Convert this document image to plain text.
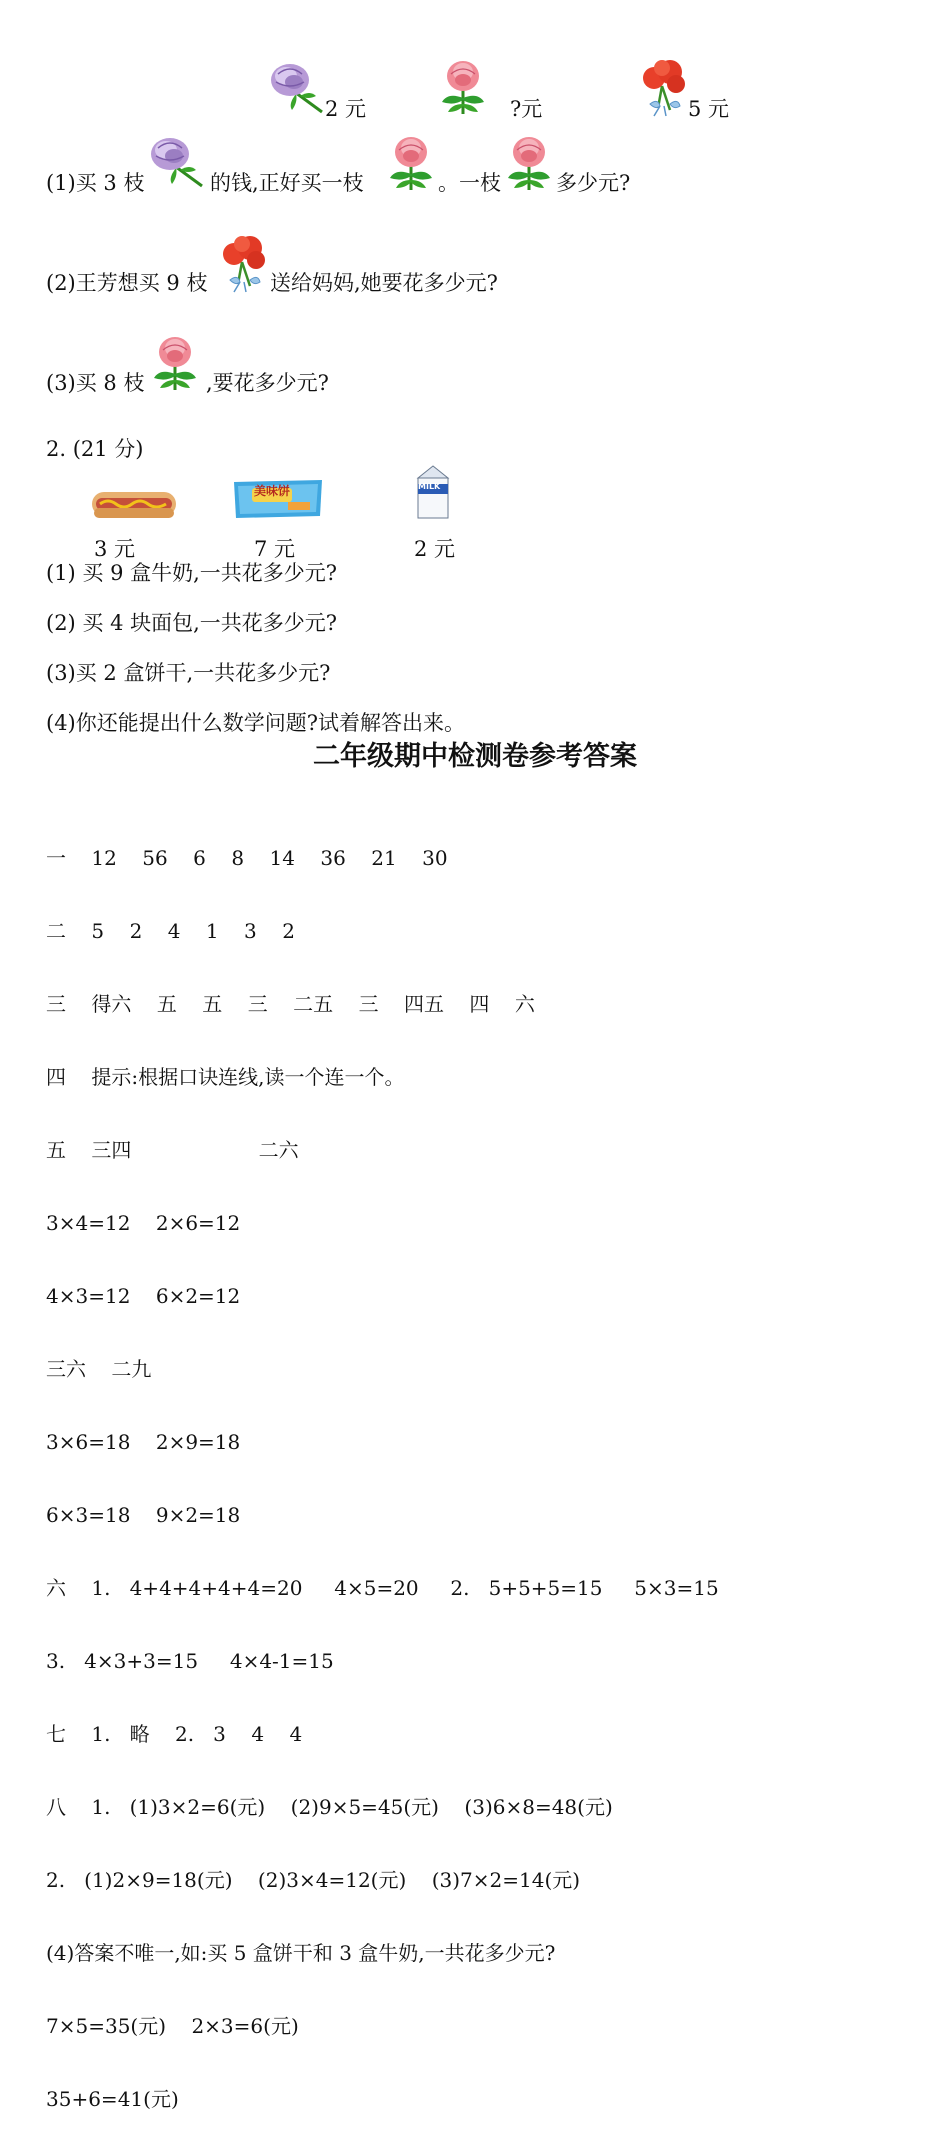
2 元	?元	5 元
(1)买 3 枝	的钱,正好买一枝	。一枝	多少元?
(2)王芳想买 9 枝	送给妈妈,她要花多少元?
(3)买 8 枝	,要花多少元?
2. (21 分)
美味饼	MILK
3 元	7 元	2 元
(1) 买 9 盒牛奶,一共花多少元?
(2) 买 4 块面包,一共花多少元?
(3)买 2 盒饼干,一共花多少元?
(4)你还能提出什么数学问题?试着解答出来。
二年级期中检测卷参考答案

一    12    56    6    8    14    36    21    30

二    5    2    4    1    3    2

三    得六    五    五    三    二五    三    四五    四    六

四    提示:根据口诀连线,读一个连一个。

五    三四                    二六

3×4=12    2×6=12

4×3=12    6×2=12

三六    二九

3×6=18    2×9=18

6×3=18    9×2=18

六    1.   4+4+4+4+4=20     4×5=20     2.   5+5+5=15     5×3=15

3.   4×3+3=15     4×4-1=15

七    1.   略    2.   3    4    4

八    1.   (1)3×2=6(元)    (2)9×5=45(元)    (3)6×8=48(元)

2.   (1)2×9=18(元)    (2)3×4=12(元)    (3)7×2=14(元)

(4)答案不唯一,如:买 5 盒饼干和 3 盒牛奶,一共花多少元?

7×5=35(元)    2×3=6(元)

35+6=41(元)
